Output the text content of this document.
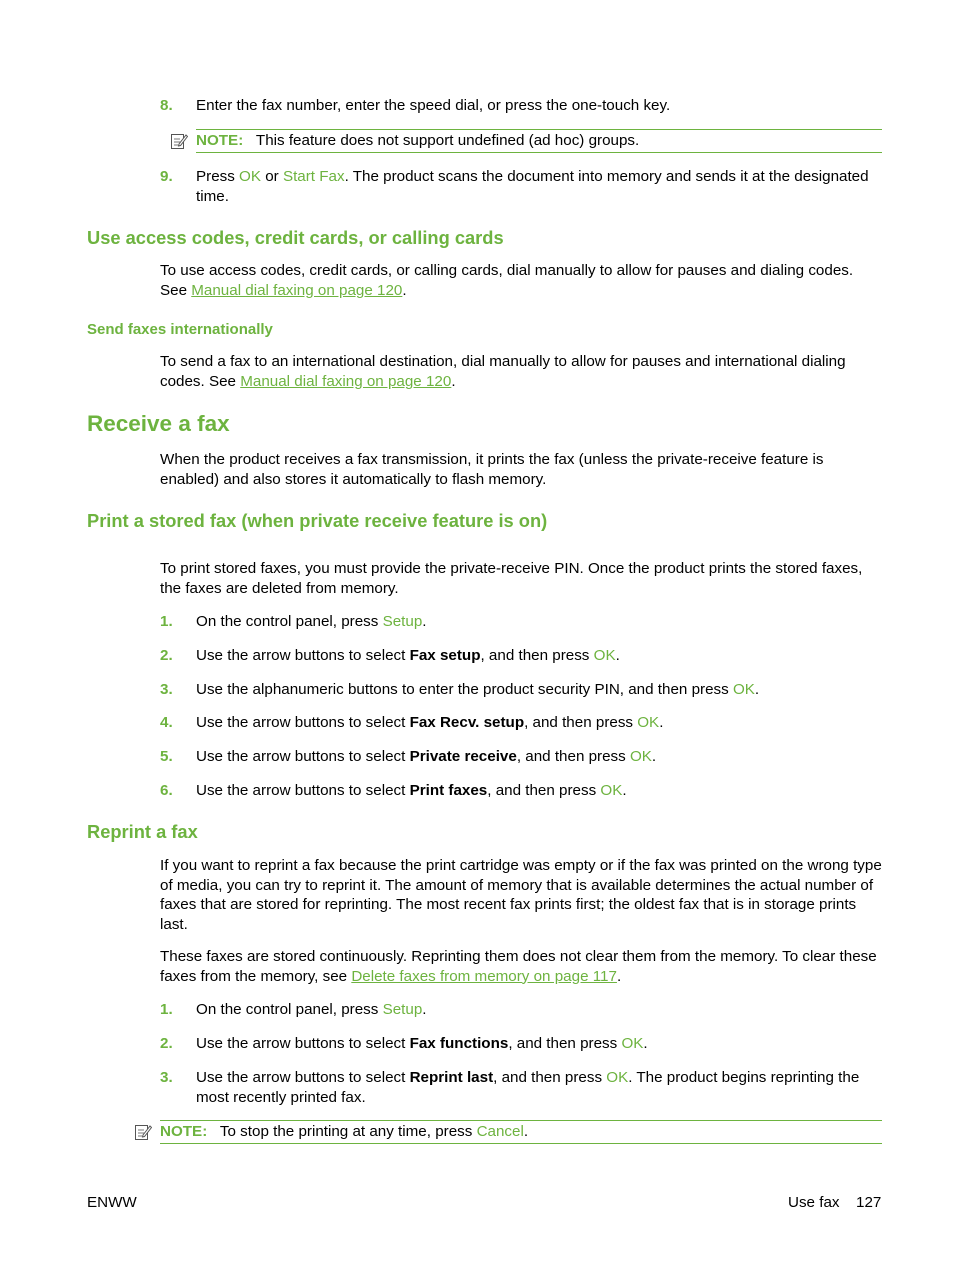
8. Enter the fax number, enter the speed dial, or press the one-touch key.
NOTE: This feature does not support undefined (ad hoc) groups.
9. Press OK or Start Fax. The product scans the document into memory and sends it at the designated time.
Use access codes, credit cards, or calling cards
To use access codes, credit cards, or calling cards, dial manually to allow for pauses and dialing codes. See Manual dial faxing on page 120.
Send faxes internationally
To send a fax to an international destination, dial manually to allow for pauses and international dialing codes. See Manual dial faxing on page 120.
Receive a fax
When the product receives a fax transmission, it prints the fax (unless the private-receive feature is enabled) and also stores it automatically to flash memory.
Print a stored fax (when private receive feature is on)
To print stored faxes, you must provide the private-receive PIN. Once the product prints the stored faxes, the faxes are deleted from memory.
1. On the control panel, press Setup.
2. Use the arrow buttons to select Fax setup, and then press OK.
3. Use the alphanumeric buttons to enter the product security PIN, and then press OK.
4. Use the arrow buttons to select Fax Recv. setup, and then press OK.
5. Use the arrow buttons to select Private receive, and then press OK.
6. Use the arrow buttons to select Print faxes, and then press OK.
Reprint a fax
If you want to reprint a fax because the print cartridge was empty or if the fax was printed on the wrong type of media, you can try to reprint it. The amount of memory that is available determines the actual number of faxes that are stored for reprinting. The most recent fax prints first; the oldest fax that is in storage prints last.
These faxes are stored continuously. Reprinting them does not clear them from the memory. To clear these faxes from the memory, see Delete faxes from memory on page 117.
1. On the control panel, press Setup.
2. Use the arrow buttons to select Fax functions, and then press OK.
3. Use the arrow buttons to select Reprint last, and then press OK. The product begins reprinting the most recently printed fax.
NOTE: To stop the printing at any time, press Cancel.
ENWW	Use fax 127
